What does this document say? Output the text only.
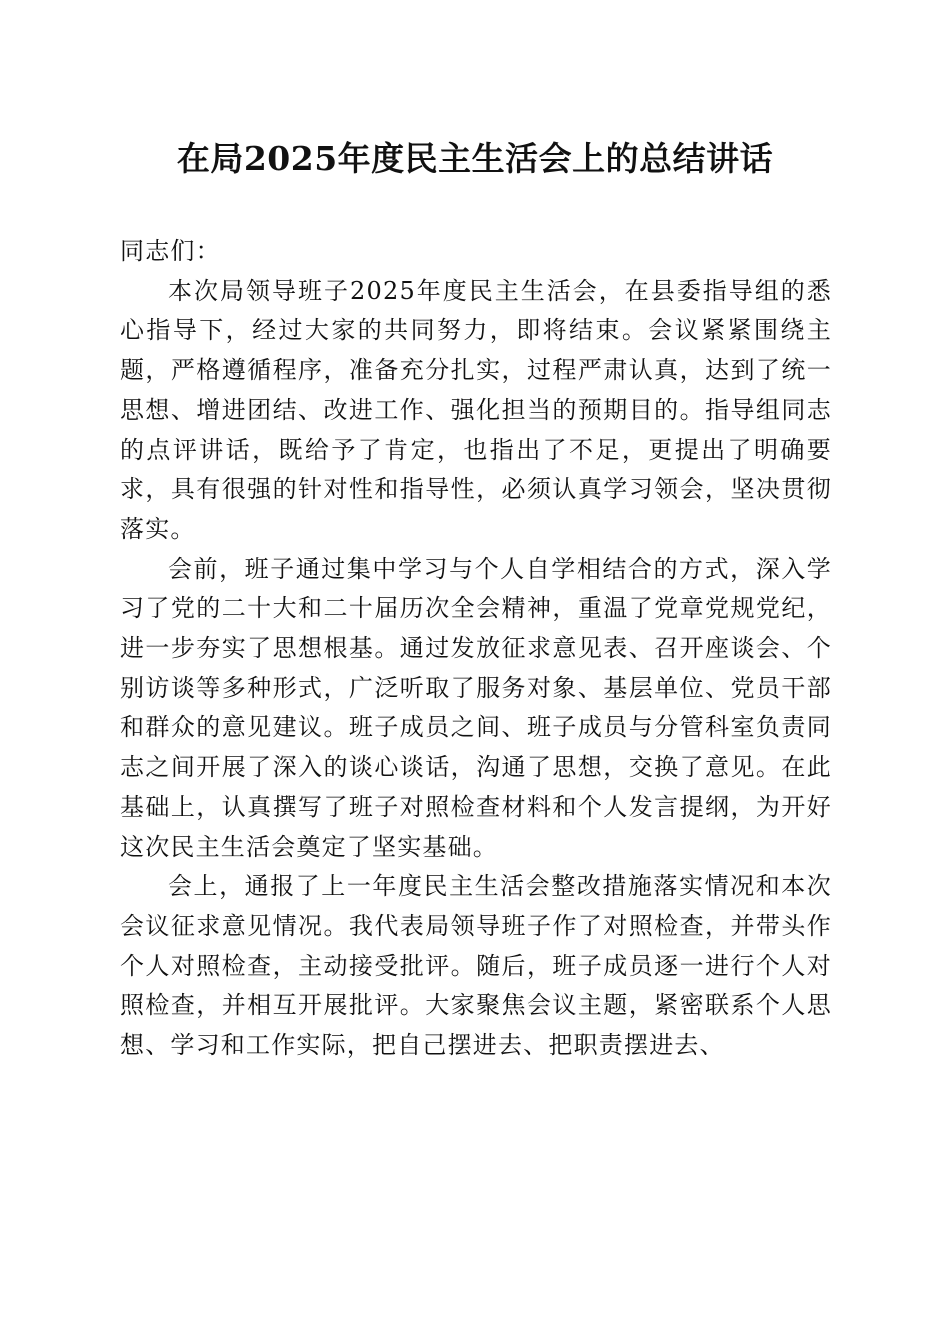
在局2025年度民主生活会上的总结讲话

同志们：

本次局领导班子2025年度民主生活会，在县委指导组的悉心指导下，经过大家的共同努力，即将结束。会议紧紧围绕主题，严格遵循程序，准备充分扎实，过程严肃认真，达到了统一思想、增进团结、改进工作、强化担当的预期目的。指导组同志的点评讲话，既给予了肯定，也指出了不足，更提出了明确要求，具有很强的针对性和指导性，必须认真学习领会，坚决贯彻落实。

会前，班子通过集中学习与个人自学相结合的方式，深入学习了党的二十大和二十届历次全会精神，重温了党章党规党纪，进一步夯实了思想根基。通过发放征求意见表、召开座谈会、个别访谈等多种形式，广泛听取了服务对象、基层单位、党员干部和群众的意见建议。班子成员之间、班子成员与分管科室负责同志之间开展了深入的谈心谈话，沟通了思想，交换了意见。在此基础上，认真撰写了班子对照检查材料和个人发言提纲，为开好这次民主生活会奠定了坚实基础。

会上，通报了上一年度民主生活会整改措施落实情况和本次会议征求意见情况。我代表局领导班子作了对照检查，并带头作个人对照检查，主动接受批评。随后，班子成员逐一进行个人对照检查，并相互开展批评。大家聚焦会议主题，紧密联系个人思想、学习和工作实际，把自己摆进去、把职责摆进去、
